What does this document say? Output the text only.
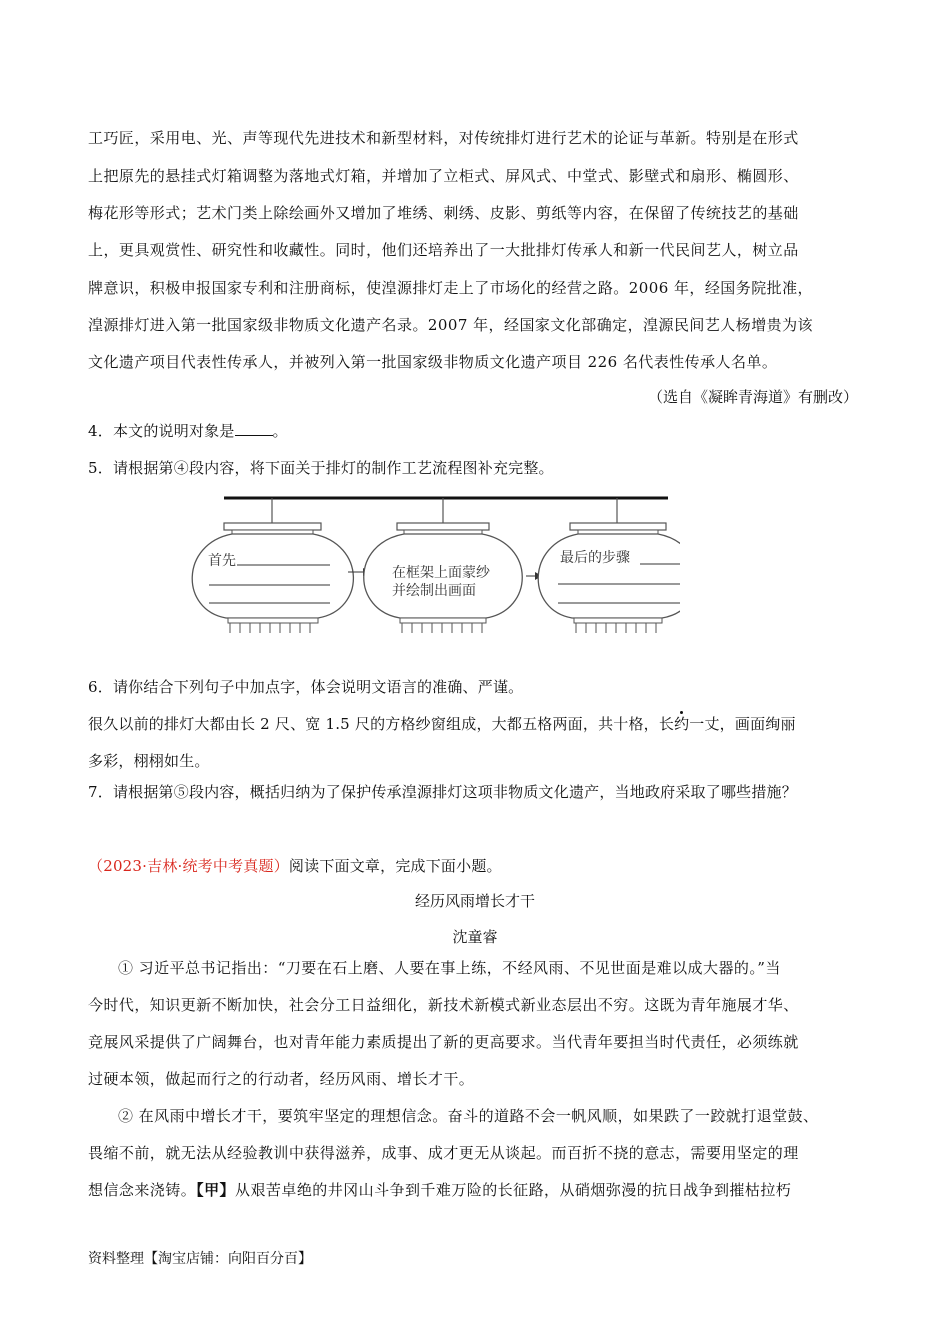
工巧匠，采用电、光、声等现代先进技术和新型材料，对传统排灯进行艺术的论证与革新。特别是在形式
上把原先的悬挂式灯箱调整为落地式灯箱，并增加了立柜式、屏风式、中堂式、影壁式和扇形、椭圆形、
梅花形等形式；艺术门类上除绘画外又增加了堆绣、刺绣、皮影、剪纸等内容，在保留了传统技艺的基础
上，更具观赏性、研究性和收藏性。同时，他们还培养出了一大批排灯传承人和新一代民间艺人，树立品
牌意识，积极申报国家专利和注册商标，使湟源排灯走上了市场化的经营之路。2006 年，经国务院批准，
湟源排灯进入第一批国家级非物质文化遗产名录。2007 年，经国家文化部确定，湟源民间艺人杨增贵为该
文化遗产项目代表性传承人，并被列入第一批国家级非物质文化遗产项目 226 名代表性传承人名单。
（选自《凝眸青海道》有删改）
4．本文的说明对象是	。
5．请根据第④段内容，将下面关于排灯的制作工艺流程图补充完整。
首先
在框架上面蒙纱
并绘制出画面
最后的步骤
6．请你结合下列句子中加点字，体会说明文语言的准确、严谨。
很久以前的排灯大都由长 2 尺、宽 1.5 尺的方格纱窗组成，大都五格两面，共十格，长约一丈，画面绚丽
多彩，栩栩如生。
7．请根据第⑤段内容，概括归纳为了保护传承湟源排灯这项非物质文化遗产，当地政府采取了哪些措施？
（2023·吉林·统考中考真题）阅读下面文章，完成下面小题。
经历风雨增长才干
沈童睿
① 习近平总书记指出：“刀要在石上磨、人要在事上练，不经风雨、不见世面是难以成大器的。”当
今时代，知识更新不断加快，社会分工日益细化，新技术新模式新业态层出不穷。这既为青年施展才华、
竞展风采提供了广阔舞台，也对青年能力素质提出了新的更高要求。当代青年要担当时代责任，必须练就
过硬本领，做起而行之的行动者，经历风雨、增长才干。
② 在风雨中增长才干，要筑牢坚定的理想信念。奋斗的道路不会一帆风顺，如果跌了一跤就打退堂鼓、
畏缩不前，就无法从经验教训中获得滋养，成事、成才更无从谈起。而百折不挠的意志，需要用坚定的理
想信念来浇铸。【甲】从艰苦卓绝的井冈山斗争到千难万险的长征路，从硝烟弥漫的抗日战争到摧枯拉朽
资料整理【淘宝店铺：向阳百分百】
